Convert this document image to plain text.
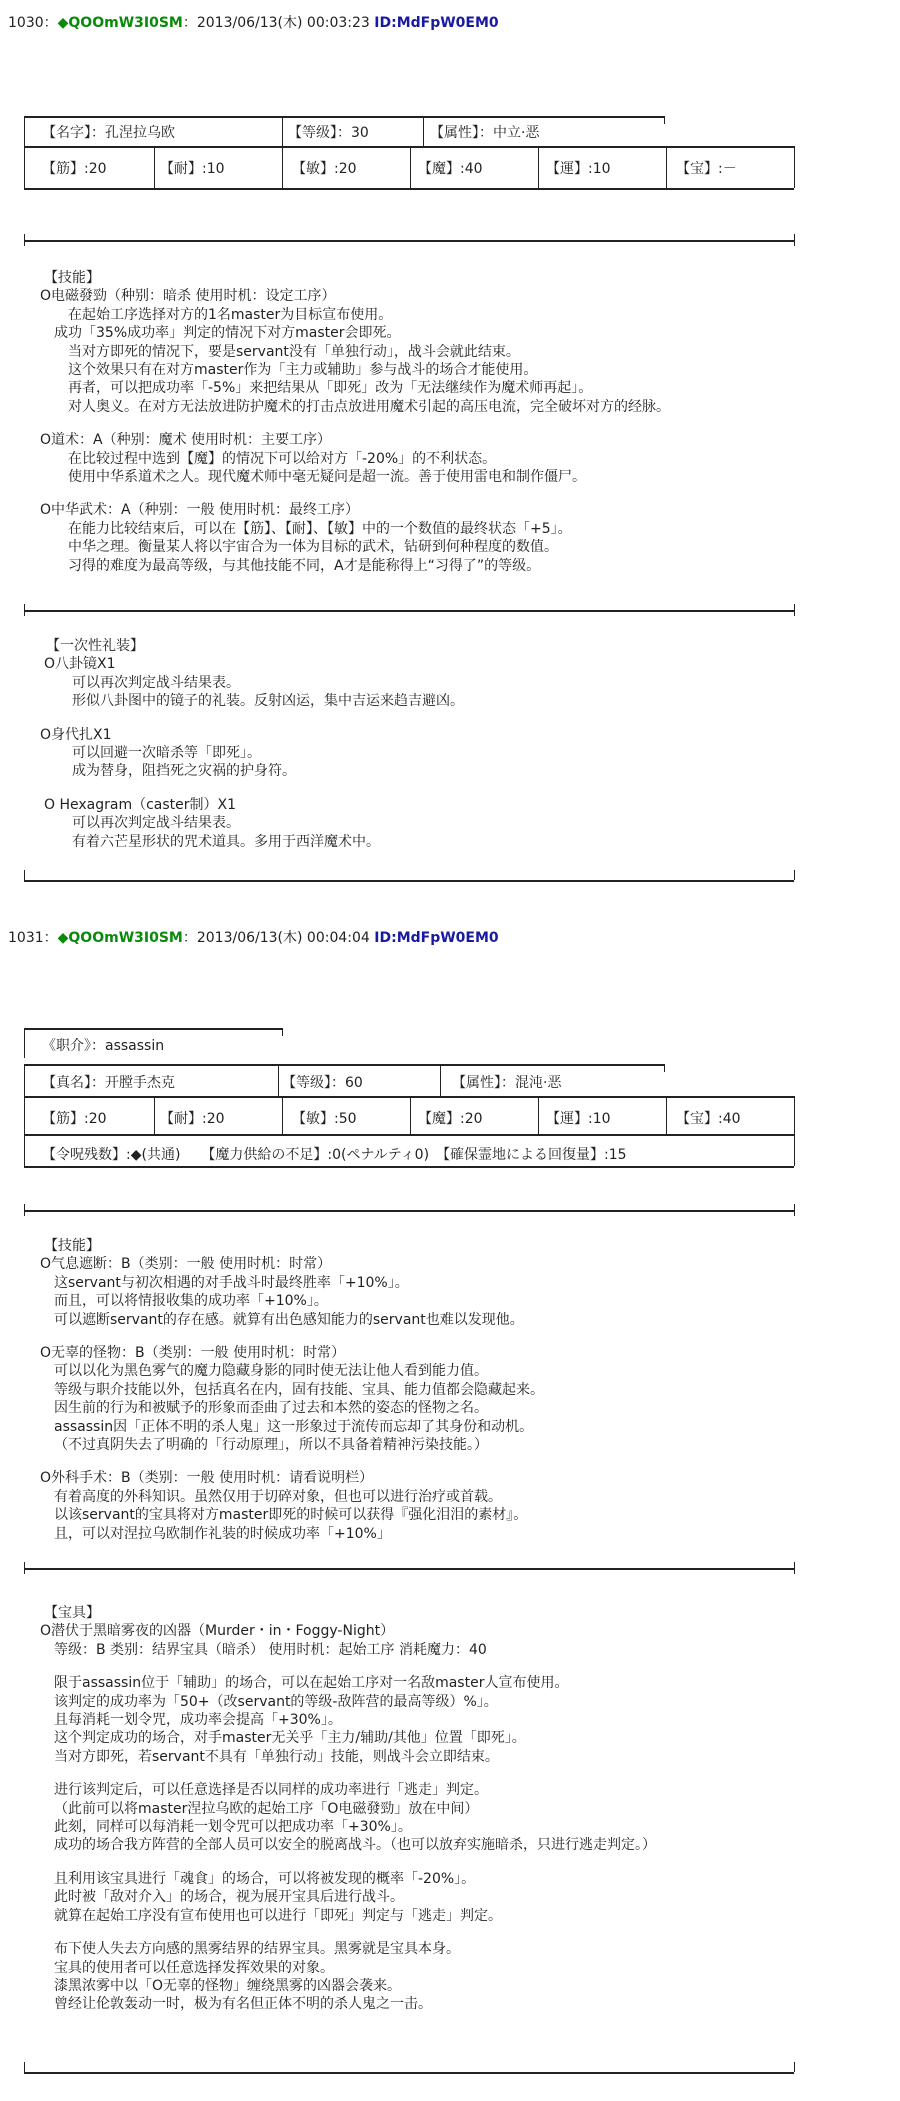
1030：◆QOOmW3I0SM：2013/06/13(木) 00:03:23 ID:MdFpW0EM0
【名字】：孔涅拉乌欧	【等级】：30	【属性】：中立·恶
【筋】:20	【耐】:10	【敏】:20	【魔】:40	【運】:10	【宝】:－
【技能】
O电磁發勁（种别：暗杀 使用时机：设定工序）
在起始工序选择对方的1名master为目标宣布使用。
成功「35%成功率」判定的情况下对方master会即死。
当对方即死的情况下，要是servant没有「单独行动」，战斗会就此结束。
这个效果只有在对方master作为「主力或辅助」参与战斗的场合才能使用。
再者，可以把成功率「-5%」来把结果从「即死」改为「无法继续作为魔术师再起」。
对人奥义。在对方无法放进防护魔术的打击点放进用魔术引起的高压电流，完全破坏对方的经脉。
O道术：A（种别：魔术 使用时机：主要工序）
在比较过程中选到【魔】的情况下可以给对方「-20%」的不利状态。
使用中华系道术之人。现代魔术师中毫无疑问是超一流。善于使用雷电和制作僵尸。
O中华武术：A（种别：一般 使用时机：最终工序）
在能力比较结束后，可以在【筋】、【耐】、【敏】中的一个数值的最终状态「+5」。
中华之理。衡量某人将以宇宙合为一体为目标的武术，钻研到何种程度的数值。
习得的难度为最高等级，与其他技能不同，A才是能称得上“习得了”的等级。
【一次性礼装】
O八卦镜X1
可以再次判定战斗结果表。
形似八卦图中的镜子的礼装。反射凶运，集中吉运来趋吉避凶。
O身代扎X1
可以回避一次暗杀等「即死」。
成为替身，阻挡死之灾祸的护身符。
O Hexagram（caster制）X1
可以再次判定战斗结果表。
有着六芒星形状的咒术道具。多用于西洋魔术中。
1031：◆QOOmW3I0SM：2013/06/13(木) 00:04:04 ID:MdFpW0EM0
《职介》：assassin
【真名】：开膛手杰克	【等级】：60	【属性】：混沌·恶
【筋】:20	【耐】:20	【敏】:50	【魔】:20	【運】:10	【宝】:40
【令呪残数】:◆(共通)　　【魔力供給の不足】:0(ペナルティ0)　【確保霊地による回復量】:15
【技能】
O气息遮断：B（类别：一般 使用时机：时常）
这servant与初次相遇的对手战斗时最终胜率「+10%」。
而且，可以将情报收集的成功率「+10%」。
可以遮断servant的存在感。就算有出色感知能力的servant也难以发现他。
O无辜的怪物：B（类别：一般 使用时机：时常）
可以以化为黑色雾气的魔力隐藏身影的同时使无法让他人看到能力值。
等级与职介技能以外，包括真名在内，固有技能、宝具、能力值都会隐藏起来。
因生前的行为和被赋予的形象而歪曲了过去和本然的姿态的怪物之名。
assassin因「正体不明的杀人鬼」这一形象过于流传而忘却了其身份和动机。
（不过真阴失去了明确的「行动原理」，所以不具备着精神污染技能。）
O外科手术：B（类别：一般 使用时机：请看说明栏）
有着高度的外科知识。虽然仅用于切碎对象，但也可以进行治疗或首载。
以该servant的宝具将对方master即死的时候可以获得『强化泪泪的素材』。
且，可以对涅拉乌欧制作礼装的时候成功率「+10%」
【宝具】
O潜伏于黑暗雾夜的凶器（Murder・in・Foggy-Night）
等级：B 类别：结界宝具（暗杀） 使用时机：起始工序 消耗魔力：40
限于assassin位于「辅助」的场合，可以在起始工序对一名敌master人宣布使用。
该判定的成功率为「50+（改servant的等级-敌阵营的最高等级）%」。
且每消耗一划令咒，成功率会提高「+30%」。
这个判定成功的场合，对手master无关乎「主力/辅助/其他」位置「即死」。
当对方即死，若servant不具有「单独行动」技能，则战斗会立即结束。
进行该判定后，可以任意选择是否以同样的成功率进行「逃走」判定。
（此前可以将master涅拉乌欧的起始工序「O电磁發勁」放在中间）
此刻，同样可以每消耗一划令咒可以把成功率「+30%」。
成功的场合我方阵营的全部人员可以安全的脱离战斗。（也可以放弃实施暗杀，只进行逃走判定。）
且利用该宝具进行「魂食」的场合，可以将被发现的概率「-20%」。
此时被「敌对介入」的场合，视为展开宝具后进行战斗。
就算在起始工序没有宣布使用也可以进行「即死」判定与「逃走」判定。
布下使人失去方向感的黑雾结界的结界宝具。黑雾就是宝具本身。
宝具的使用者可以任意选择发挥效果的对象。
漆黑浓雾中以「O无辜的怪物」缠绕黑雾的凶器会袭来。
曾经让伦敦轰动一时，极为有名但正体不明的杀人鬼之一击。
